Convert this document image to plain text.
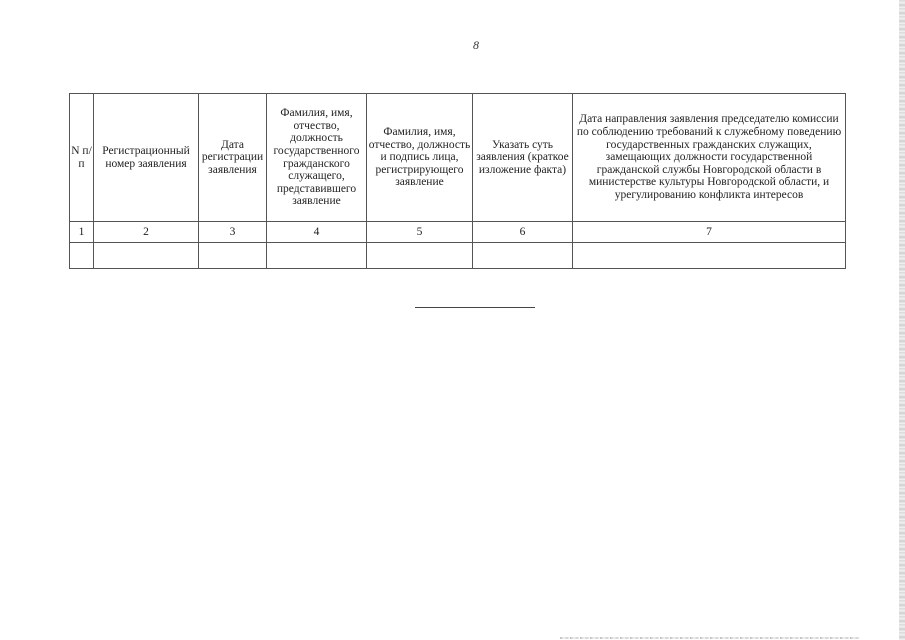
8
N п/п	Регистрационный номер заявления	Дата регистрации заявления	Фамилия, имя, отчество, должность государственного гражданского служащего, представившего заявление	Фамилия, имя, отчество, должность и подпись лица, регистрирующего заявление	Указать суть заявления (краткое изложение факта)	Дата направления заявления председателю комиссии по соблюдению требований к служебному поведению государственных гражданских служащих, замещающих должности государственной гражданской службы Новгородской области в министерстве культуры Новгородской области, и урегулированию конфликта интересов
1	2	3	4	5	6	7
